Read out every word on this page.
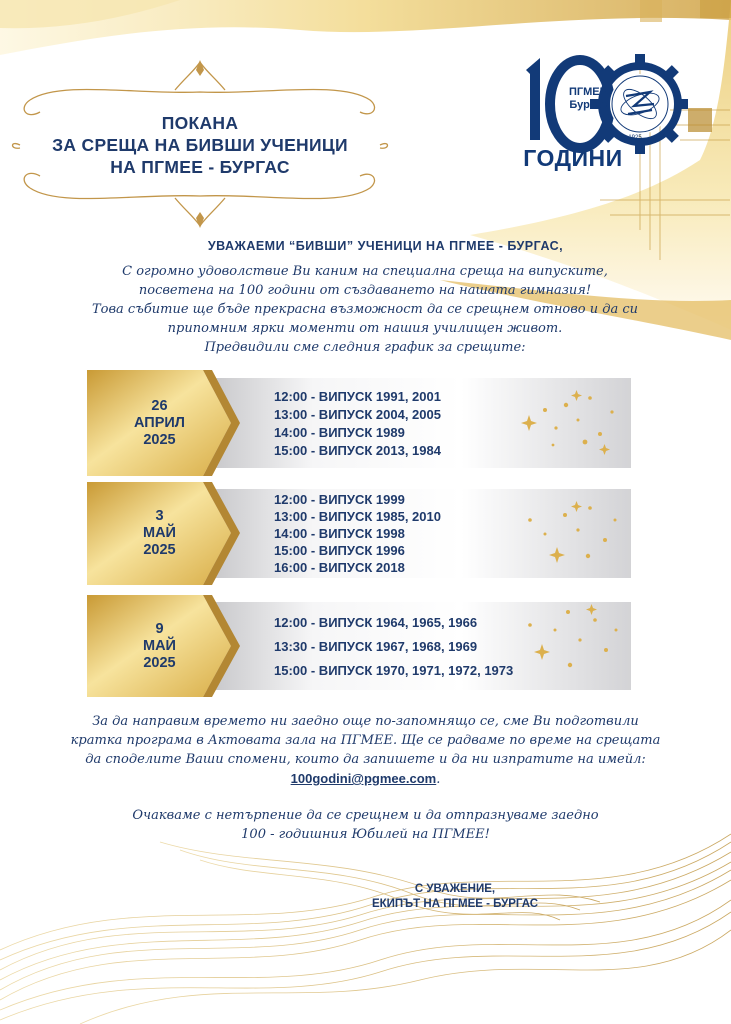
ПГМЕЕ
Бургас
1925
ГОДИНИ
ПОКАНА
ЗА СРЕЩА НА БИВШИ УЧЕНИЦИ
НА ПГМЕЕ - БУРГАС
УВАЖАЕМИ “БИВШИ” УЧЕНИЦИ НА ПГМЕЕ - БУРГАС,
С огромно удоволствие Ви каним на специална среща на випуските,
посветена на 100 години от създаването на нашата гимназия!
Това събитие ще бъде прекрасна възможност да се срещнем отново и да си
припомним ярки моменти от нашия училищен живот.
Предвидили сме следния график за срещите:
26
АПРИЛ
2025
12:00 - ВИПУСК 1991, 2001
13:00 - ВИПУСК 2004, 2005
14:00 - ВИПУСК 1989
15:00 - ВИПУСК 2013, 1984
3
МАЙ
2025
12:00 - ВИПУСК 1999
13:00 - ВИПУСК 1985, 2010
14:00 - ВИПУСК 1998
15:00 - ВИПУСК 1996
16:00 - ВИПУСК 2018
9
МАЙ
2025
12:00 - ВИПУСК 1964, 1965, 1966
13:30 - ВИПУСК 1967, 1968, 1969
15:00 - ВИПУСК 1970, 1971, 1972, 1973
За да направим времето ни заедно още по-запомнящо се, сме Ви подготвили
кратка програма в Актовата зала на ПГМЕЕ. Ще се радваме по време на срещата
да споделите Ваши спомени, които да запишете и да ни изпратите на имейл:
100godini@pgmee.com.
Очакваме с нетърпение да се срещнем и да отпразнуваме заедно
100 - годишния Юбилей на ПГМЕЕ!
С УВАЖЕНИЕ,
ЕКИПЪТ НА ПГМЕЕ - БУРГАС
